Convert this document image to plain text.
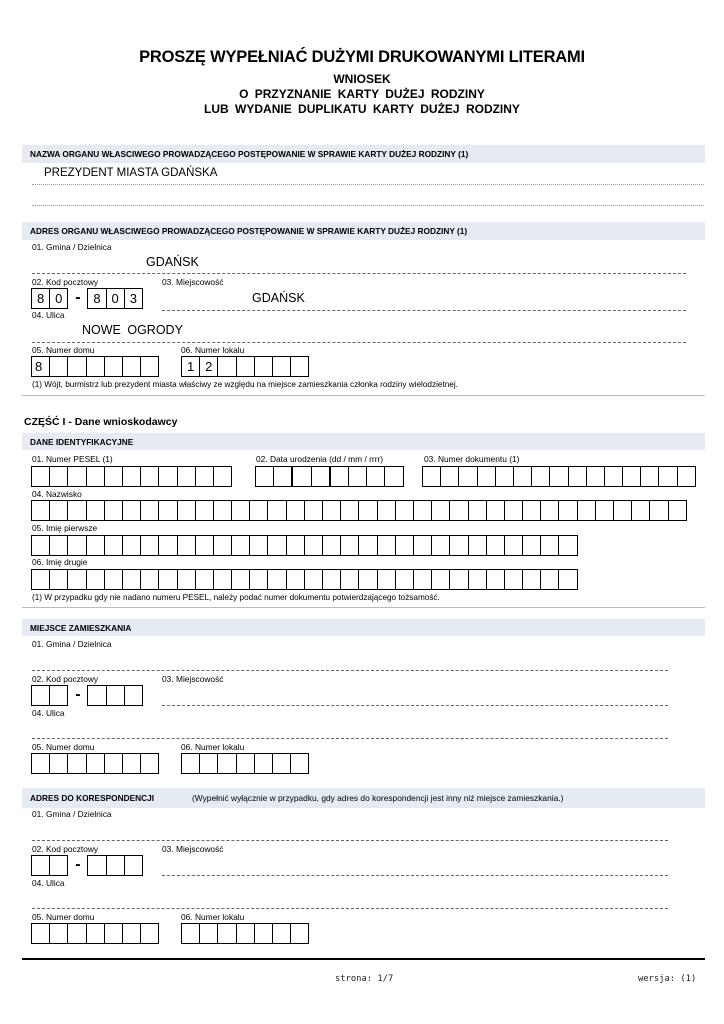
PROSZĘ WYPEŁNIAĆ DUŻYMI DRUKOWANYMI LITERAMI
WNIOSEK
O PRZYZNANIE KARTY DUŻEJ RODZINY
LUB WYDANIE DUPLIKATU KARTY DUŻEJ RODZINY
NAZWA ORGANU WŁASCIWEGO PROWADZĄCEGO POSTĘPOWANIE W SPRAWIE KARTY DUŻEJ RODZINY (1)
PREZYDENT MIASTA GDAŃSKA
ADRES ORGANU WŁASCIWEGO PROWADZĄCEGO POSTĘPOWANIE W SPRAWIE KARTY DUŻEJ RODZINY (1)
01. Gmina / Dzielnica
GDAŃSK
02. Kod pocztowy	03. Miejscowość
8 0 - 8 0 3	GDAŃSK
04. Ulica
NOWE OGRODY
05. Numer domu	06. Numer lokalu
8	1 2
(1) Wójt, burmistrz lub prezydent miasta właściwy ze względu na miejsce zamieszkania członka rodziny wielodzietnej.
CZĘŚĆ I - Dane wnioskodawcy
DANE IDENTYFIKACYJNE
01. Numer PESEL (1)	02. Data urodzenia (dd / mm / rrrr)	03. Numer dokumentu (1)
04. Nazwisko
05. Imię pierwsze
06. Imię drugie
(1) W przypadku gdy nie nadano numeru PESEL, należy podać numer dokumentu potwierdzającego tożsamość.
MIEJSCE ZAMIESZKANIA
01. Gmina / Dzielnica
02. Kod pocztowy	03. Miejscowość
-
04. Ulica
05. Numer domu	06. Numer lokalu
ADRES DO KORESPONDENCJI	(Wypełnić wyłącznie w przypadku, gdy adres do korespondencji jest inny niż miejsce zamieszkania.)
01. Gmina / Dzielnica
02. Kod pocztowy	03. Miejscowość
-
04. Ulica
05. Numer domu	06. Numer lokalu
strona: 1/7	wersja: (1)
